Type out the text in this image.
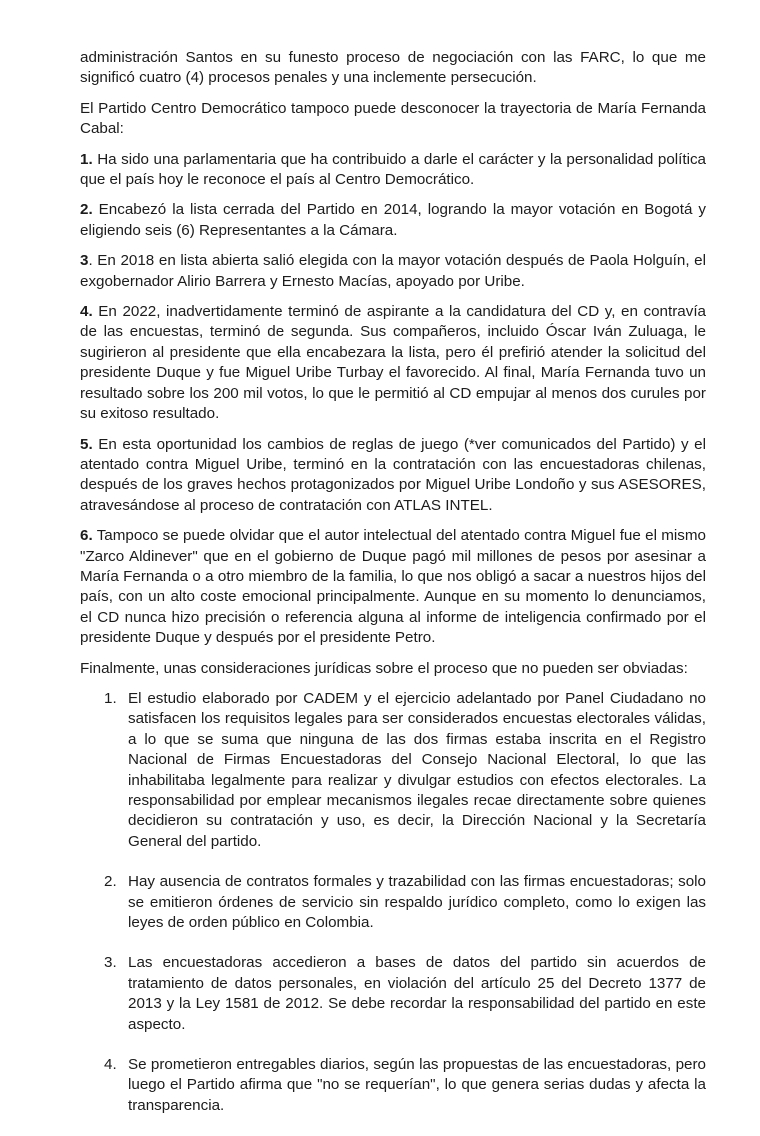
administración Santos en su funesto proceso de negociación con las FARC, lo que me significó cuatro (4) procesos penales y una inclemente persecución.

El Partido Centro Democrático tampoco puede desconocer la trayectoria de María Fernanda Cabal:

1. Ha sido una parlamentaria que ha contribuido a darle el carácter y la personalidad política que el país hoy le reconoce el país al Centro Democrático.

2. Encabezó la lista cerrada del Partido en 2014, logrando la mayor votación en Bogotá y eligiendo seis (6) Representantes a la Cámara.

3. En 2018 en lista abierta salió elegida con la mayor votación después de Paola Holguín, el exgobernador Alirio Barrera y Ernesto Macías, apoyado por Uribe.

4. En 2022, inadvertidamente terminó de aspirante a la candidatura del CD y, en contravía de las encuestas, terminó de segunda. Sus compañeros, incluido Óscar Iván Zuluaga, le sugirieron al presidente que ella encabezara la lista, pero él prefirió atender la solicitud del presidente Duque y fue Miguel Uribe Turbay el favorecido. Al final, María Fernanda tuvo un resultado sobre los 200 mil votos, lo que le permitió al CD empujar al menos dos curules por su exitoso resultado.

5. En esta oportunidad los cambios de reglas de juego (*ver comunicados del Partido) y el atentado contra Miguel Uribe, terminó en la contratación con las encuestadoras chilenas, después de los graves hechos protagonizados por Miguel Uribe Londoño y sus ASESORES, atravesándose al proceso de contratación con ATLAS INTEL.

6. Tampoco se puede olvidar que el autor intelectual del atentado contra Miguel fue el mismo "Zarco Aldinever" que en el gobierno de Duque pagó mil millones de pesos por asesinar a María Fernanda o a otro miembro de la familia, lo que nos obligó a sacar a nuestros hijos del país, con un alto coste emocional principalmente. Aunque en su momento lo denunciamos, el CD nunca hizo precisión o referencia alguna al informe de inteligencia confirmado por el presidente Duque y después por el presidente Petro.

Finalmente, unas consideraciones jurídicas sobre el proceso que no pueden ser obviadas:

1. El estudio elaborado por CADEM y el ejercicio adelantado por Panel Ciudadano no satisfacen los requisitos legales para ser considerados encuestas electorales válidas, a lo que se suma que ninguna de las dos firmas estaba inscrita en el Registro Nacional de Firmas Encuestadoras del Consejo Nacional Electoral, lo que las inhabilitaba legalmente para realizar y divulgar estudios con efectos electorales. La responsabilidad por emplear mecanismos ilegales recae directamente sobre quienes decidieron su contratación y uso, es decir, la Dirección Nacional y la Secretaría General del partido.
2. Hay ausencia de contratos formales y trazabilidad con las firmas encuestadoras; solo se emitieron órdenes de servicio sin respaldo jurídico completo, como lo exigen las leyes de orden público en Colombia.
3. Las encuestadoras accedieron a bases de datos del partido sin acuerdos de tratamiento de datos personales, en violación del artículo 25 del Decreto 1377 de 2013 y la Ley 1581 de 2012. Se debe recordar la responsabilidad del partido en este aspecto.
4. Se prometieron entregables diarios, según las propuestas de las encuestadoras, pero luego el Partido afirma que "no se requerían", lo que genera serias dudas y afecta la transparencia.
